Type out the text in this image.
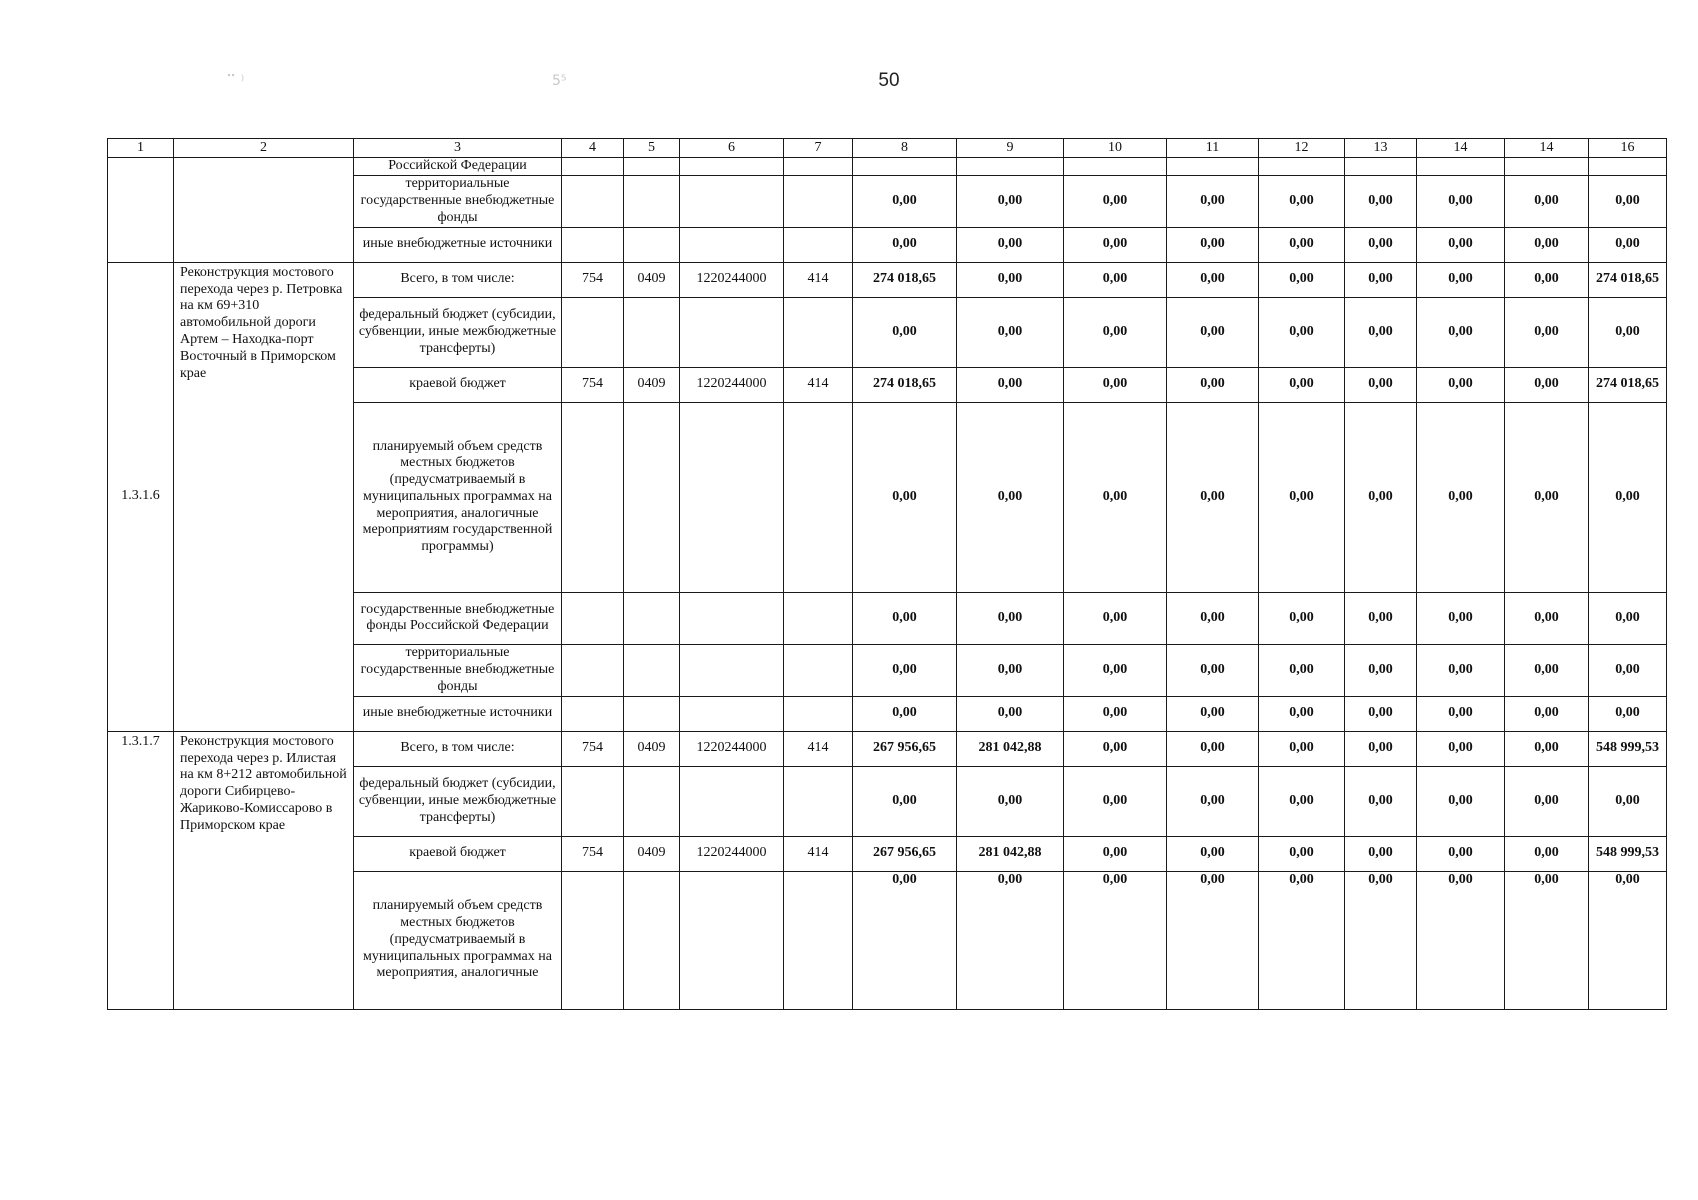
⠉ ⁾	5⁵	50
1	2	3	4	5	6	7	8	9	10	11	12	13	14	14	16
		Российской Федерации													
		территориальные государственные внебюджетные фонды					0,00	0,00	0,00	0,00	0,00	0,00	0,00	0,00	0,00
		иные внебюджетные источники					0,00	0,00	0,00	0,00	0,00	0,00	0,00	0,00	0,00
1.3.1.6	Реконструкция мостового перехода через р. Петровка на км 69+310 автомобильной дороги Артем – Находка-порт Восточный в Приморском крае	Всего, в том числе:	754	0409	1220244000	414	274 018,65	0,00	0,00	0,00	0,00	0,00	0,00	0,00	274 018,65
		федеральный бюджет (субсидии, субвенции, иные межбюджетные трансферты)					0,00	0,00	0,00	0,00	0,00	0,00	0,00	0,00	0,00
		краевой бюджет	754	0409	1220244000	414	274 018,65	0,00	0,00	0,00	0,00	0,00	0,00	0,00	274 018,65
		планируемый объем средств местных бюджетов (предусматриваемый в муниципальных программах на мероприятия, аналогичные мероприятиям государственной программы)					0,00	0,00	0,00	0,00	0,00	0,00	0,00	0,00	0,00
		государственные внебюджетные фонды Российской Федерации					0,00	0,00	0,00	0,00	0,00	0,00	0,00	0,00	0,00
		территориальные государственные внебюджетные фонды					0,00	0,00	0,00	0,00	0,00	0,00	0,00	0,00	0,00
		иные внебюджетные источники					0,00	0,00	0,00	0,00	0,00	0,00	0,00	0,00	0,00
1.3.1.7	Реконструкция мостового перехода через р. Илистая на км 8+212 автомобильной дороги Сибирцево-Жариково-Комиссарово в Приморском крае	Всего, в том числе:	754	0409	1220244000	414	267 956,65	281 042,88	0,00	0,00	0,00	0,00	0,00	0,00	548 999,53
		федеральный бюджет (субсидии, субвенции, иные межбюджетные трансферты)					0,00	0,00	0,00	0,00	0,00	0,00	0,00	0,00	0,00
		краевой бюджет	754	0409	1220244000	414	267 956,65	281 042,88	0,00	0,00	0,00	0,00	0,00	0,00	548 999,53
		планируемый объем средств местных бюджетов (предусматриваемый в муниципальных программах на мероприятия, аналогичные					0,00	0,00	0,00	0,00	0,00	0,00	0,00	0,00	0,00
